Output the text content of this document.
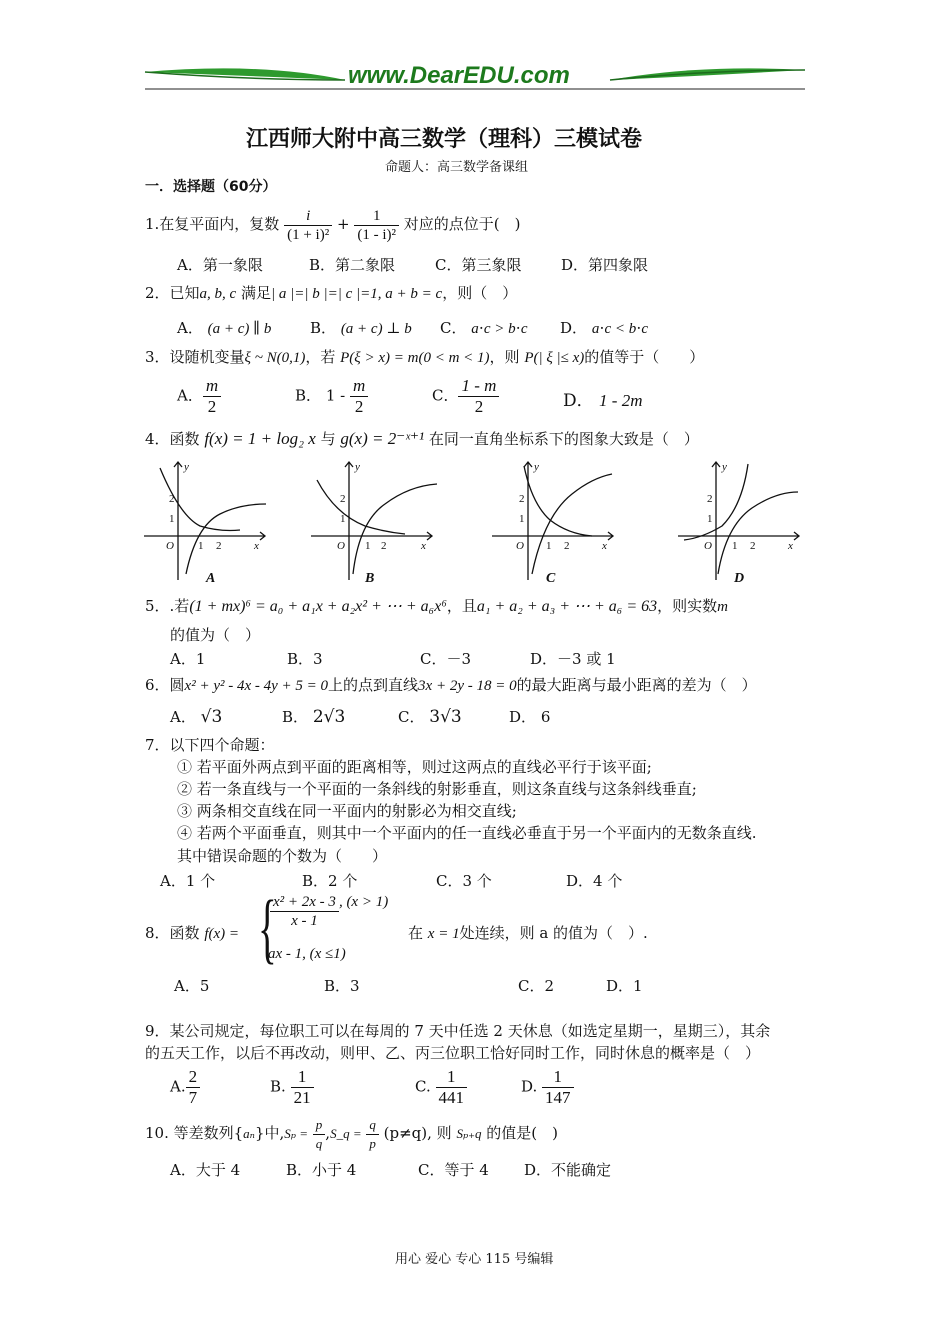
www.DearEDU.com
江西师大附中高三数学（理科）三模试卷
命题人：高三数学备课组
一．选择题（60分）
1.在复平面内，复数 $\frac{i}{\text{(1 + i)²}} + \frac{1}{\text{(1 - i)²}}$ 对应的点位于(　)
A．第一象限	B．第二象限	C．第三象限	D．第四象限
2．已知a, b, c 满足| a |=| b |=| c |=1, a + b = c，则（　）
A． (a + c) ∥ b	B． (a + c) ⊥ b C． a⋅c > b⋅c D． a⋅c < b⋅c
3．设随机变量ξ ~ N(0,1)，若 P(ξ > x) = m(0 < m < 1)，则 P(| ξ |≤ x)的值等于（　　）
A． $\frac{m}{2}$	B． $1 - \frac{m}{2}$	C． $\frac{1 - m}{2}$	D． 1 - 2m
4．函数 f(x) = 1 + log₂ x 与 g(x) = 2⁻ˣ⁺¹ 在同一直角坐标系下的图象大致是（　）
y
x
O 1 2
1
2
A
y
x
O 1 2
1
2
B
y
x
O 1 2
1
2
C
y
x
O 1 2
1
2
D
5．.若(1 + mx)⁶ = a₀ + a₁x + a₂x² + ⋯ + a₆x⁶，且a₁ + a₂ + a₃ + ⋯ + a₆ = 63，则实数m
的值为（　）
A．1	B．3	C．－3	D．－3 或 1
6．圆x² + y² - 4x - 4y + 5 = 0上的点到直线3x + 2y - 18 = 0的最大距离与最小距离的差为（　）
A． √3	B． 2√3	C． 3√3	D． 6
7．以下四个命题：
① 若平面外两点到平面的距离相等，则过这两点的直线必平行于该平面;
② 若一条直线与一个平面的一条斜线的射影垂直，则这条直线与这条斜线垂直;
③ 两条相交直线在同一平面内的射影必为相交直线;
④ 若两个平面垂直，则其中一个平面内的任一直线必垂直于另一个平面内的无数条直线.
其中错误命题的个数为（　　）
A．1 个	B．2 个	C．3 个	D．4 个
8．函数 f(x) = {
$\frac{\text{x² + 2x - 3}}{x - 1}$ , (x > 1)
ax - 1, (x ≤1)
在 x = 1处连续，则 a 的值为（　）.
A．5	B．3	C．2	D．1
9．某公司规定，每位职工可以在每周的 7 天中任选 2 天休息（如选定星期一，星期三），其余
的五天工作，以后不再改动，则甲、乙、丙三位职工恰好同时工作，同时休息的概率是（　）
A. $\frac{2}{7}$	B. $\frac{1}{21}$	C. $\frac{1}{441}$	D. $\frac{1}{147}$
10. 等差数列{aₙ}中$,S_p = \frac{p}{q}$ ,S_q = $\frac{q}{p} (p\ne q)$, 则 Sₚ₊q 的值是(　)
A．大于 4	B．小于 4	C．等于 4 D．不能确定
用心 爱心 专心 115 号编辑
